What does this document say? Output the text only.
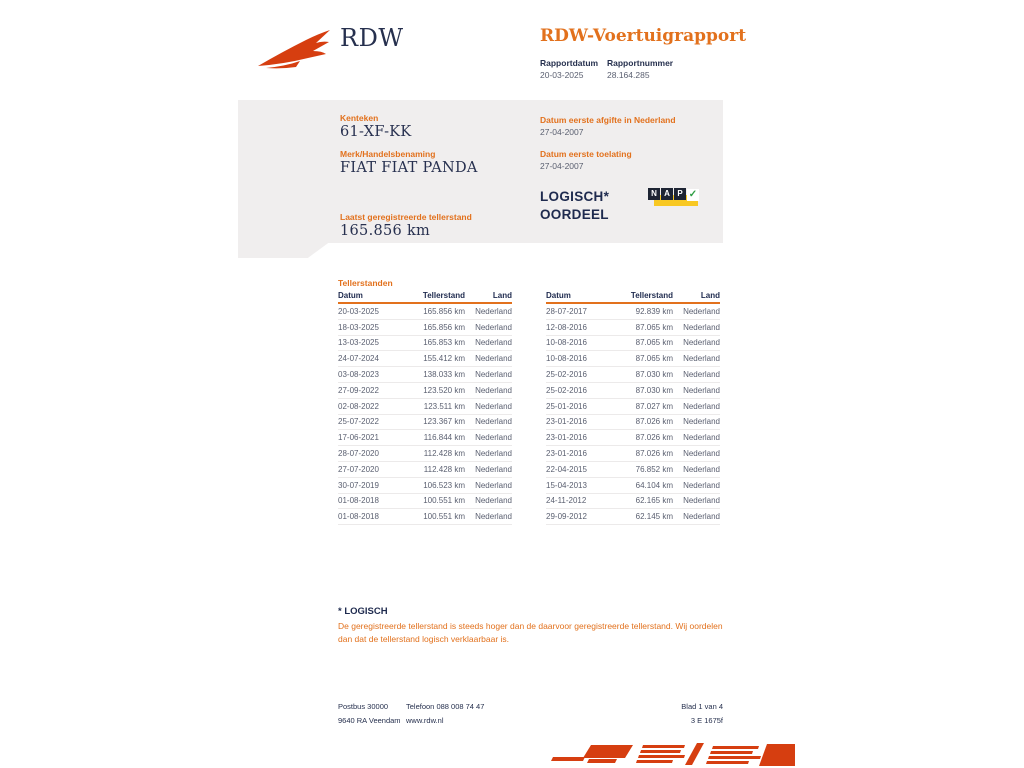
RDW	RDW-Voertuigrapport
Rapportdatum Rapportnummer
20-03-2025	28.164.285
Kenteken
61-XF-KK
Merk/Handelsbenaming
FIAT FIAT PANDA
Laatst geregistreerde tellerstand
165.856 km
Datum eerste afgifte in Nederland
27-04-2007
Datum eerste toelating
27-04-2007
LOGISCH*
OORDEEL
N A P ✓
Tellerstanden
Datum	Tellerstand	Land
20-03-2025	165.856 km	Nederland
18-03-2025	165.856 km	Nederland
13-03-2025	165.853 km	Nederland
24-07-2024	155.412 km	Nederland
03-08-2023	138.033 km	Nederland
27-09-2022	123.520 km	Nederland
02-08-2022	123.511 km	Nederland
25-07-2022	123.367 km	Nederland
17-06-2021	116.844 km	Nederland
28-07-2020	112.428 km	Nederland
27-07-2020	112.428 km	Nederland
30-07-2019	106.523 km	Nederland
01-08-2018	100.551 km	Nederland
01-08-2018	100.551 km	Nederland
Datum	Tellerstand	Land
28-07-2017	92.839 km	Nederland
12-08-2016	87.065 km	Nederland
10-08-2016	87.065 km	Nederland
10-08-2016	87.065 km	Nederland
25-02-2016	87.030 km	Nederland
25-02-2016	87.030 km	Nederland
25-01-2016	87.027 km	Nederland
23-01-2016	87.026 km	Nederland
23-01-2016	87.026 km	Nederland
23-01-2016	87.026 km	Nederland
22-04-2015	76.852 km	Nederland
15-04-2013	64.104 km	Nederland
24-11-2012	62.165 km	Nederland
29-09-2012	62.145 km	Nederland
* LOGISCH
De geregistreerde tellerstand is steeds hoger dan de daarvoor geregistreerde tellerstand. Wij oordelen dan dat de tellerstand logisch verklaarbaar is.
Postbus 30000
9640 RA Veendam
Telefoon 088 008 74 47
www.rdw.nl
Blad 1 van 4
3 E 1675f
